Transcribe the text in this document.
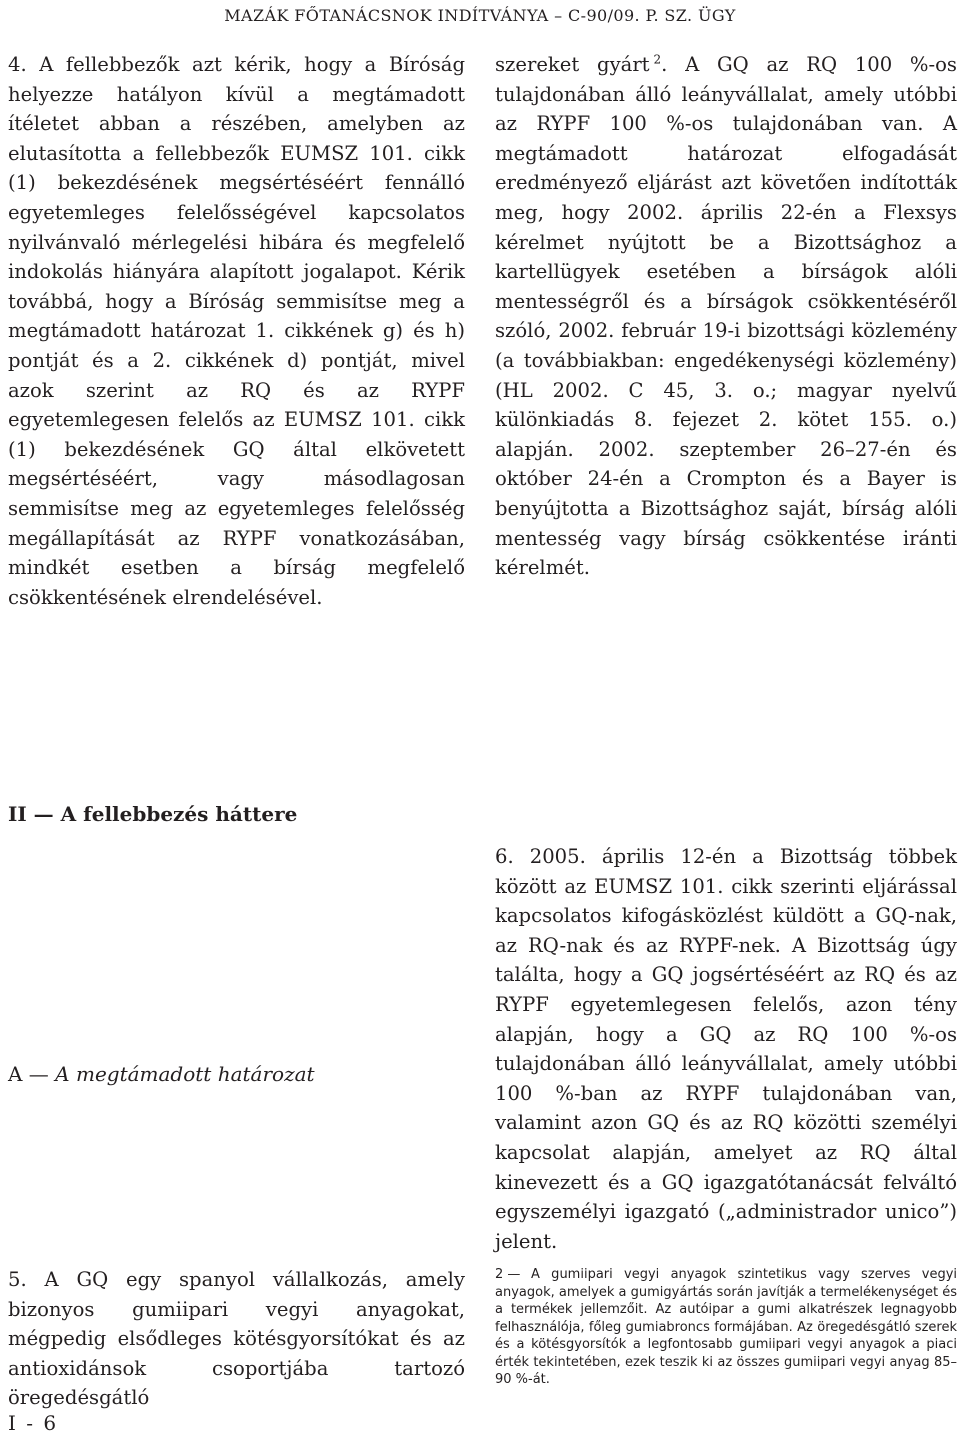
MAZÁK FŐTANÁCSNOK INDÍTVÁNYA – C-90/09. P. SZ. ÜGY

4. A fellebbezők azt kérik, hogy a Bíróság helyezze hatályon kívül a megtámadott ítéletet abban a részében, amelyben az elutasította a fellebbezők EUMSZ 101. cikk (1) bekezdésének megsértéséért fennálló egyetemleges felelősségével kapcsolatos nyilvánvaló mérlegelési hibára és megfelelő indokolás hiányára alapított jogalapot. Kérik továbbá, hogy a Bíróság semmisítse meg a megtámadott határozat 1. cikkének g) és h) pontját és a 2. cikkének d) pontját, mivel azok szerint az RQ és az RYPF egyetemlegesen felelős az EUMSZ 101. cikk (1) bekezdésének GQ által elkövetett megsértéséért, vagy másodlagosan semmisítse meg az egyetemleges felelősség megállapítását az RYPF vonatkozásában, mindkét esetben a bírság megfelelő csökkentésének elrendelésével.

szereket gyárt  $^2$. A GQ az RQ 100 %-os tulajdonában álló leányvállalat, amely utóbbi az RYPF 100 %-os tulajdonában van. A megtámadott határozat elfogadását eredményező eljárást azt követően indították meg, hogy 2002. április 22-én a Flexsys kérelmet nyújtott be a Bizottsághoz a kartellügyek esetében a bírságok alóli mentességről és a bírságok csökkentéséről szóló, 2002. február 19-i bizottsági közlemény (a továbbiakban: engedékenységi közlemény) (HL 2002. C 45, 3. o.; magyar nyelvű különkiadás 8. fejezet 2. kötet 155. o.) alapján. 2002. szeptember 26–27-én és október 24-én a Crompton és a Bayer is benyújtotta a Bizottsághoz saját, bírság alóli mentesség vagy bírság csökkentése iránti kérelmét.

II — A fellebbezés háttere
A — A megtámadott határozat

6. 2005. április 12-én a Bizottság többek között az EUMSZ 101. cikk szerinti eljárással kapcsolatos kifogásközlést küldött a GQ-nak, az RQ-nak és az RYPF-nek. A Bizottság úgy találta, hogy a GQ jogsértéséért az RQ és az RYPF egyetemlegesen felelős, azon tény alapján, hogy a GQ az RQ 100 %-os tulajdonában álló leányvállalat, amely utóbbi 100 %-ban az RYPF tulajdonában van, valamint azon GQ és az RQ közötti személyi kapcsolat alapján, amelyet az RQ által kinevezett és a GQ igazgatótanácsát felváltó egyszemélyi igazgató („administrador unico”) jelent.

5. A GQ egy spanyol vállalkozás, amely bizonyos gumiipari vegyi anyagokat, mégpedig elsődleges kötésgyorsítókat és az antioxidánsok csoportjába tartozó öregedésgátló

2 — A gumiipari vegyi anyagok szintetikus vagy szerves vegyi anyagok, amelyek a gumigyártás során javítják a termelékenységet és a termékek jellemzőit. Az autóipar a gumi alkatrészek legnagyobb felhasználója, főleg gumiabroncs formájában. Az öregedésgátló szerek és a kötésgyorsítók a legfontosabb gumiipari vegyi anyagok a piaci érték tekintetében, ezek teszik ki az összes gumiipari vegyi anyag 85–90 %-át.
I - 6
